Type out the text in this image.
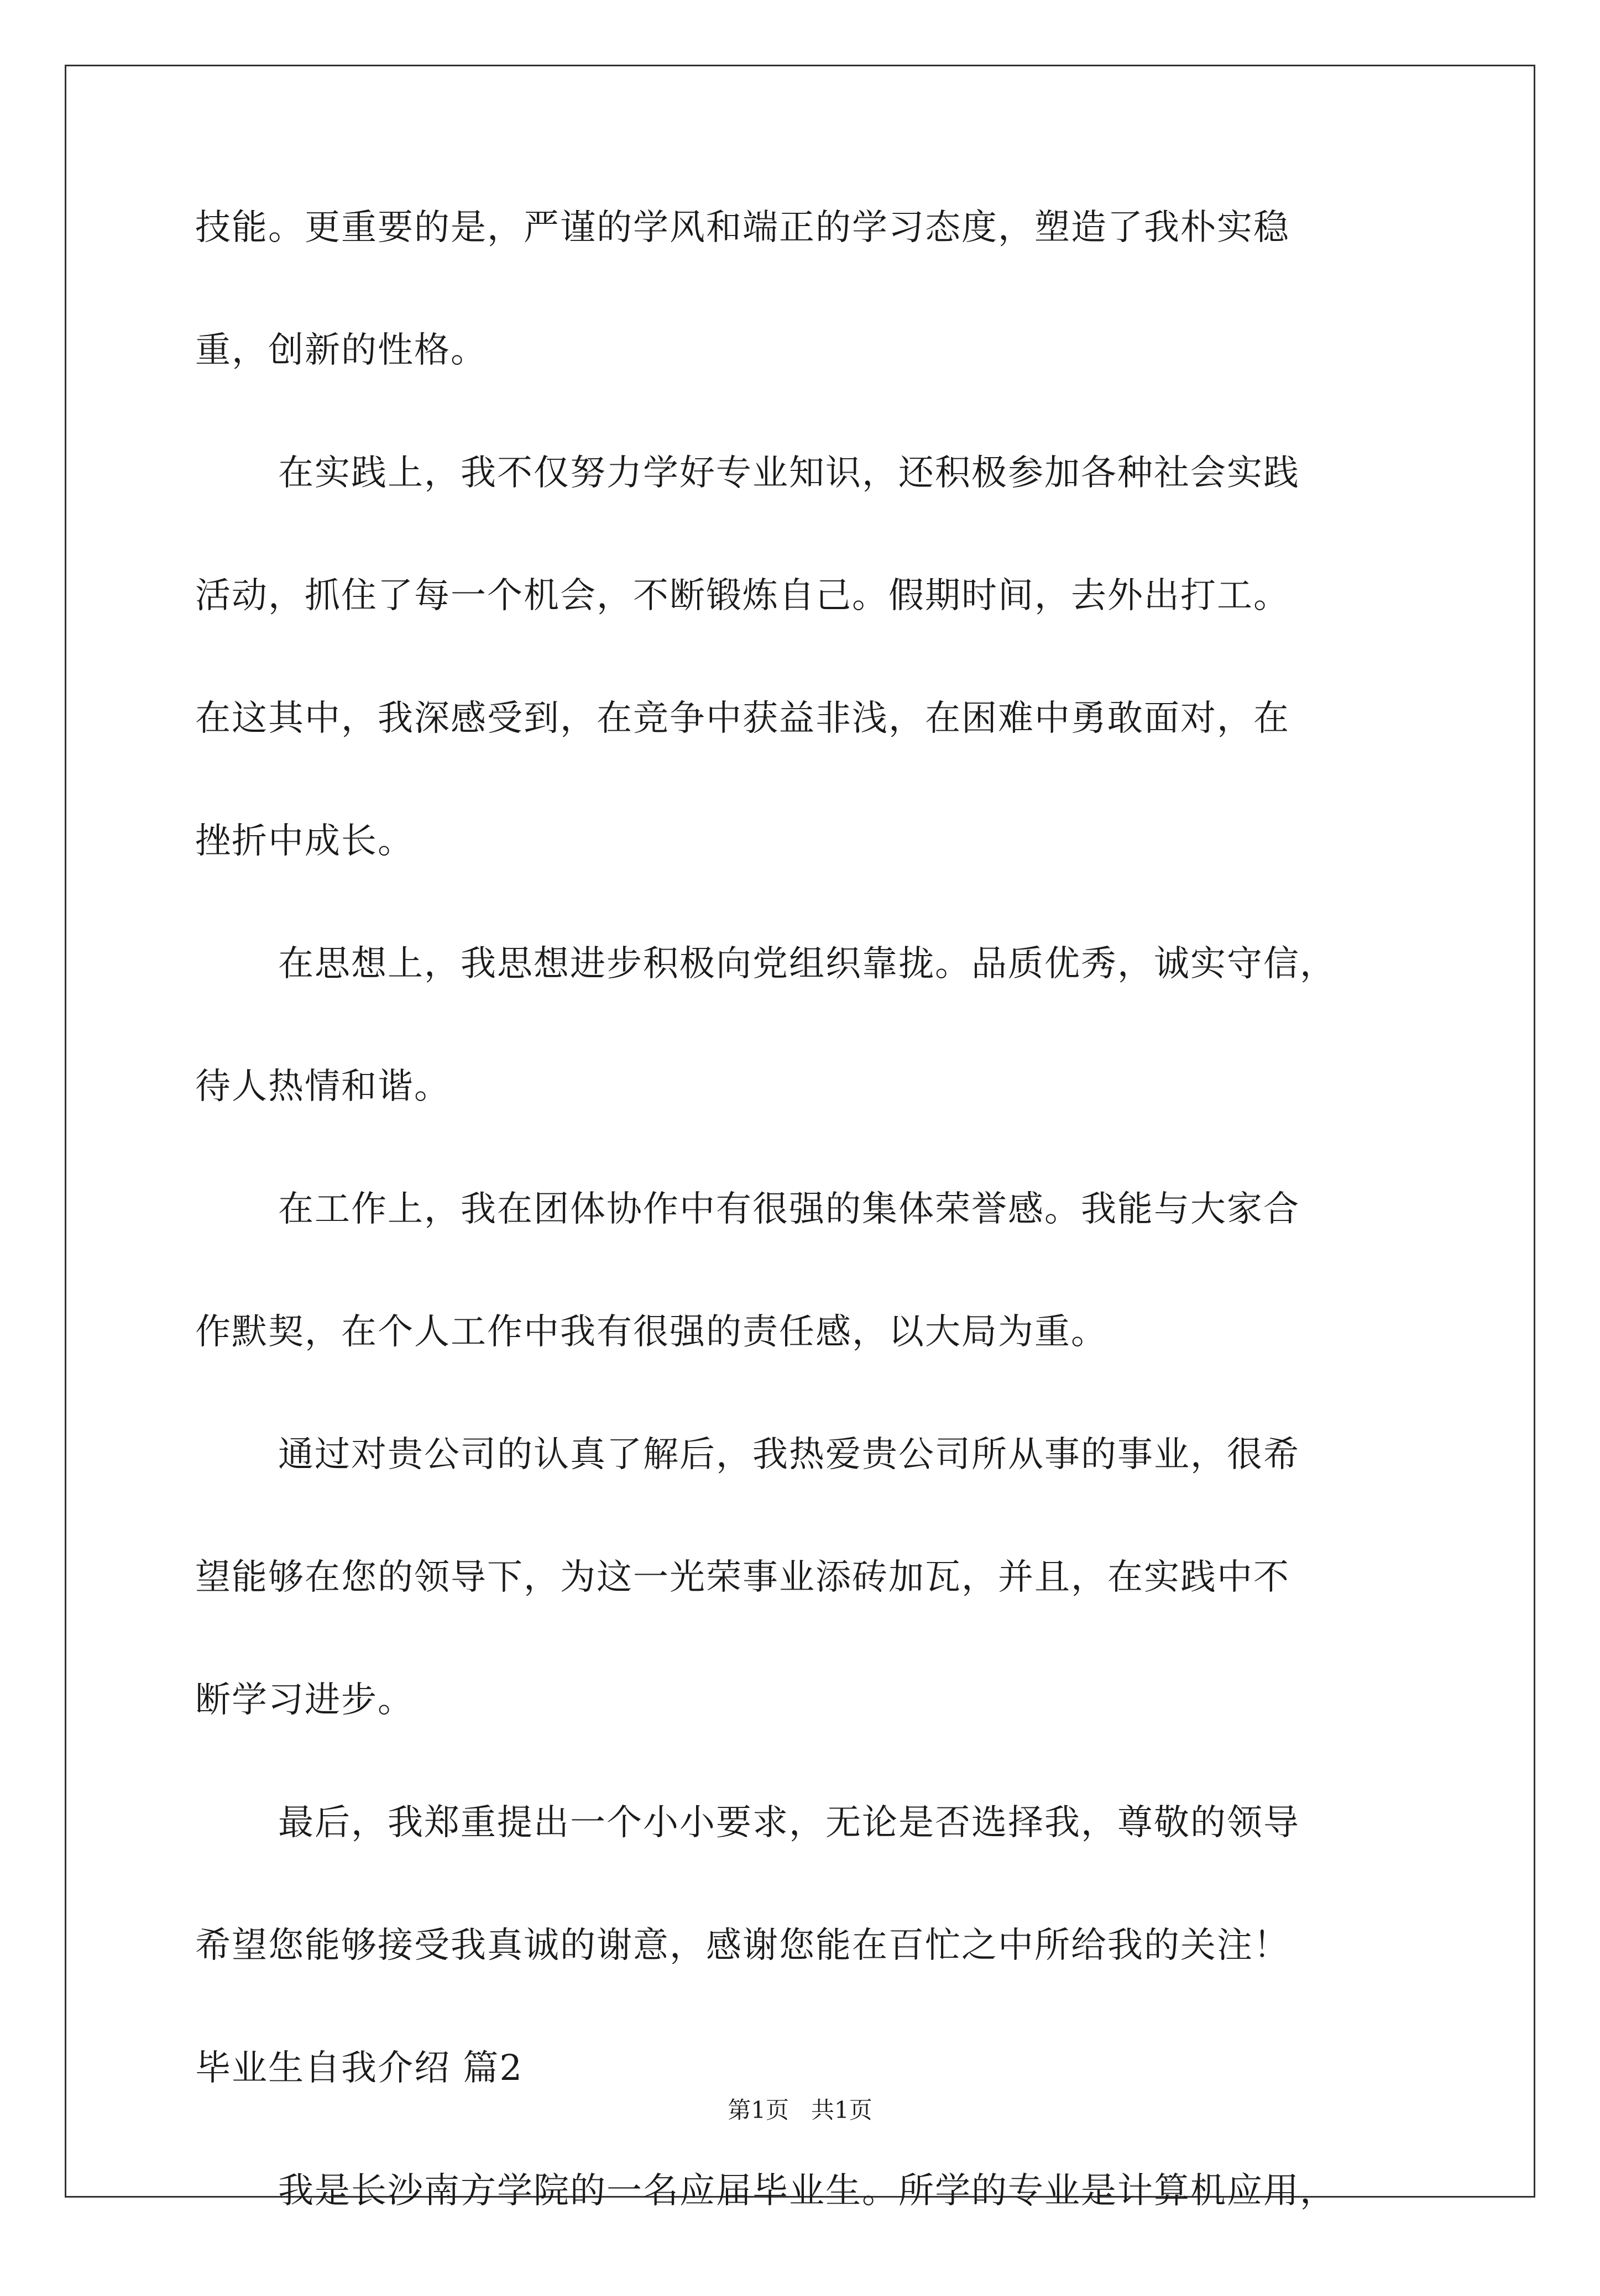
技能。更重要的是，严谨的学风和端正的学习态度，塑造了我朴实稳
重，创新的性格。
在实践上，我不仅努力学好专业知识，还积极参加各种社会实践
活动，抓住了每一个机会，不断锻炼自己。假期时间，去外出打工。
在这其中，我深感受到，在竞争中获益非浅，在困难中勇敢面对，在
挫折中成长。
在思想上，我思想进步积极向党组织靠拢。品质优秀，诚实守信，
待人热情和谐。
在工作上，我在团体协作中有很强的集体荣誉感。我能与大家合
作默契，在个人工作中我有很强的责任感，以大局为重。
通过对贵公司的认真了解后，我热爱贵公司所从事的事业，很希
望能够在您的领导下，为这一光荣事业添砖加瓦，并且，在实践中不
断学习进步。
最后，我郑重提出一个小小要求，无论是否选择我，尊敬的领导
希望您能够接受我真诚的谢意，感谢您能在百忙之中所给我的关注！
毕业生自我介绍 篇2
我是长沙南方学院的一名应届毕业生。所学的专业是计算机应用，
第1页   共1页
